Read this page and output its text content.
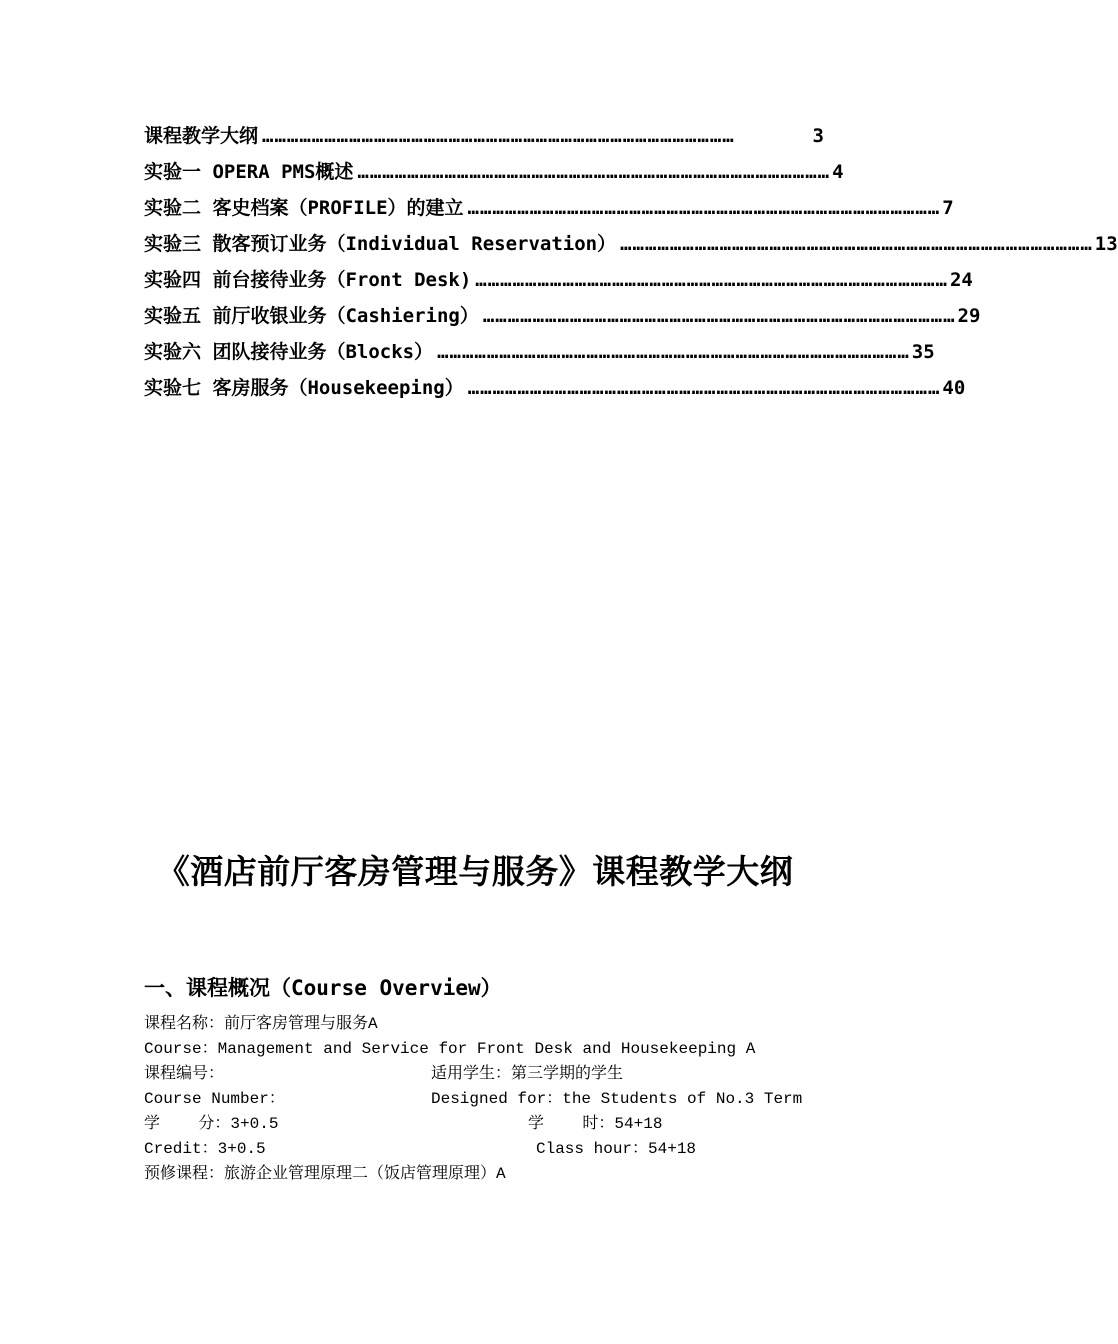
课程教学大纲 ……………………………………………………………………………………………………	3
实验一 OPERA PMS概述 …………………………………………………………………………………………………… 4
实验二 客史档案（PROFILE）的建立 …………………………………………………………………………………………………… 7
实验三 散客预订业务（Individual Reservation） …………………………………………………………………………………………………… 13
实验四 前台接待业务（Front Desk) …………………………………………………………………………………………………… 24
实验五 前厅收银业务（Cashiering） …………………………………………………………………………………………………… 29
实验六 团队接待业务（Blocks） …………………………………………………………………………………………………… 35
实验七 客房服务（Housekeeping） …………………………………………………………………………………………………… 40
《酒店前厅客房管理与服务》课程教学大纲
一、课程概况（Course Overview）
课程名称：前厅客房管理与服务A
Course：Management and Service for Front Desk and Housekeeping A
课程编号：	适用学生：第三学期的学生
Course Number：	Designed for：the Students of No.3 Term
学    分：3+0.5	学    时：54+18
Credit：3+0.5	Class hour：54+18
预修课程：旅游企业管理原理二（饭店管理原理）A
